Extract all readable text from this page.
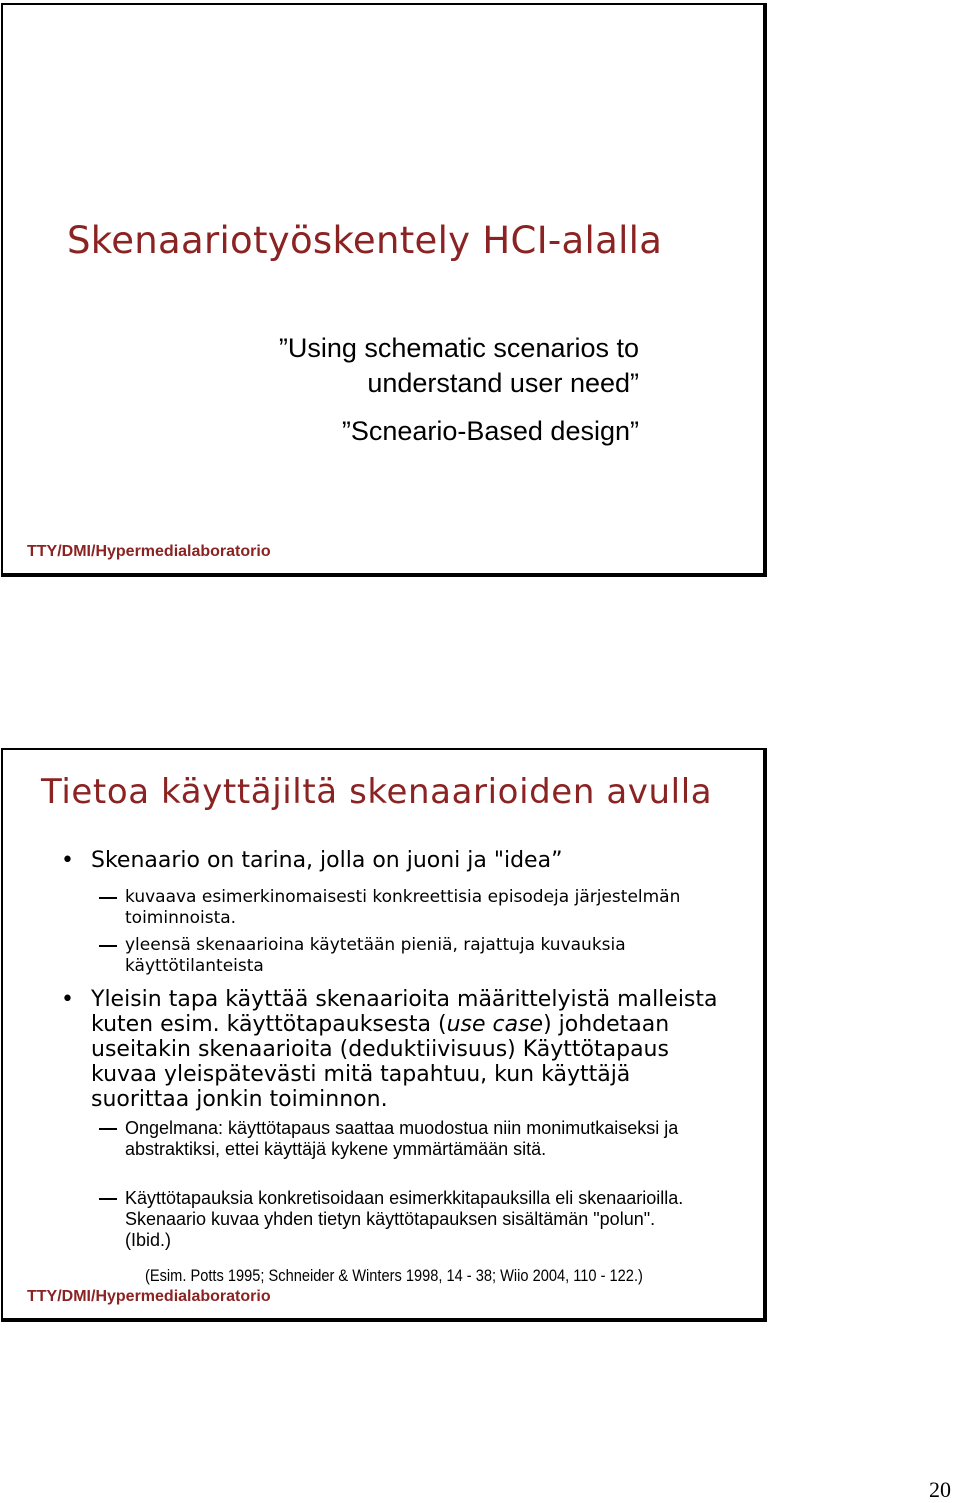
Skenaariotyöskentely HCI-alalla
”Using schematic scenarios to
understand user need”
”Scneario-Based design”
TTY/DMI/Hypermedialaboratorio
Tietoa käyttäjiltä skenaarioiden avulla
• Skenaario on tarina, jolla on juoni ja "idea”
kuvaava esimerkinomaisesti konkreettisia episodeja järjestelmän toiminnoista.
yleensä skenaarioina käytetään pieniä, rajattuja kuvauksia käyttötilanteista
• Yleisin tapa käyttää skenaarioita määrittelyistä malleista kuten esim. käyttötapauksesta (use case) johdetaan useitakin skenaarioita (deduktiivisuus) Käyttötapaus kuvaa yleispätevästi mitä tapahtuu, kun käyttäjä suorittaa jonkin toiminnon.
Ongelmana: käyttötapaus saattaa muodostua niin monimutkaiseksi ja abstraktiksi, ettei käyttäjä kykene ymmärtämään sitä.
Käyttötapauksia konkretisoidaan esimerkkitapauksilla eli skenaarioilla. Skenaario kuvaa yhden tietyn käyttötapauksen sisältämän "polun".(Ibid.)
(Esim. Potts 1995; Schneider & Winters 1998, 14 - 38; Wiio 2004, 110 - 122.)
TTY/DMI/Hypermedialaboratorio
20
